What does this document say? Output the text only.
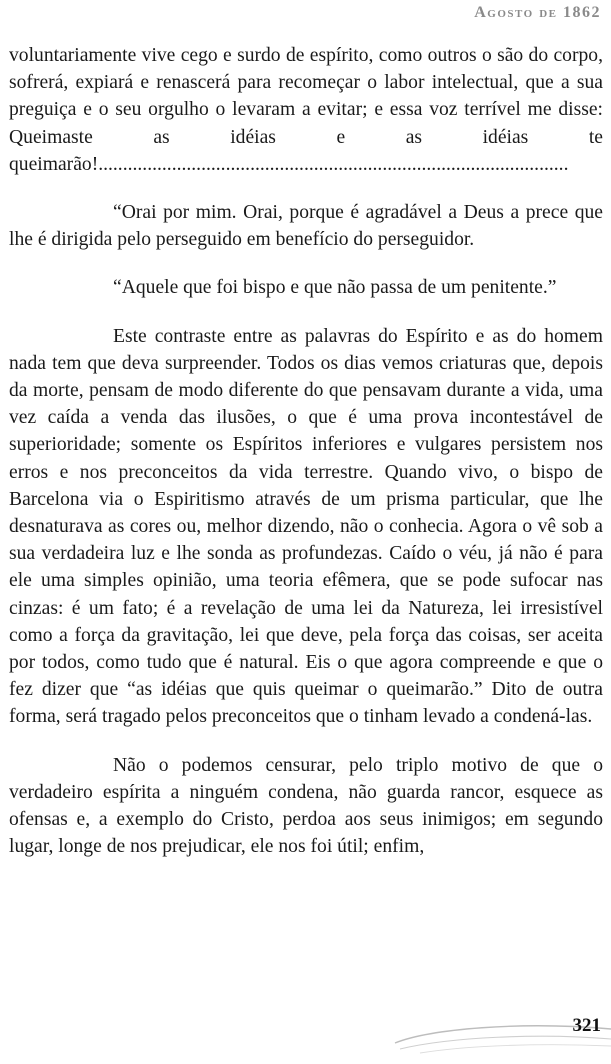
Agosto de 1862

voluntariamente vive cego e surdo de espírito, como outros o são do corpo, sofrerá, expiará e renascerá para recomeçar o labor intelectual, que a sua preguiça e o seu orgulho o levaram a evitar; e essa voz terrível me disse: Queimaste as idéias e as idéias te queimarão!................................................................................................

“Orai por mim. Orai, porque é agradável a Deus a prece que lhe é dirigida pelo perseguido em benefício do perseguidor.

“Aquele que foi bispo e que não passa de um penitente.”

Este contraste entre as palavras do Espírito e as do homem nada tem que deva surpreender. Todos os dias vemos criaturas que, depois da morte, pensam de modo diferente do que pensavam durante a vida, uma vez caída a venda das ilusões, o que é uma prova incontestável de superioridade; somente os Espíritos inferiores e vulgares persistem nos erros e nos preconceitos da vida terrestre. Quando vivo, o bispo de Barcelona via o Espiritismo através de um prisma particular, que lhe desnaturava as cores ou, melhor dizendo, não o conhecia. Agora o vê sob a sua verdadeira luz e lhe sonda as profundezas. Caído o véu, já não é para ele uma simples opinião, uma teoria efêmera, que se pode sufocar nas cinzas: é um fato; é a revelação de uma lei da Natureza, lei irresistível como a força da gravitação, lei que deve, pela força das coisas, ser aceita por todos, como tudo que é natural. Eis o que agora compreende e que o fez dizer que “as idéias que quis queimar o queimarão.” Dito de outra forma, será tragado pelos preconceitos que o tinham levado a condená-las.

Não o podemos censurar, pelo triplo motivo de que o verdadeiro espírita a ninguém condena, não guarda rancor, esquece as ofensas e, a exemplo do Cristo, perdoa aos seus inimigos; em segundo lugar, longe de nos prejudicar, ele nos foi útil; enfim,

321
